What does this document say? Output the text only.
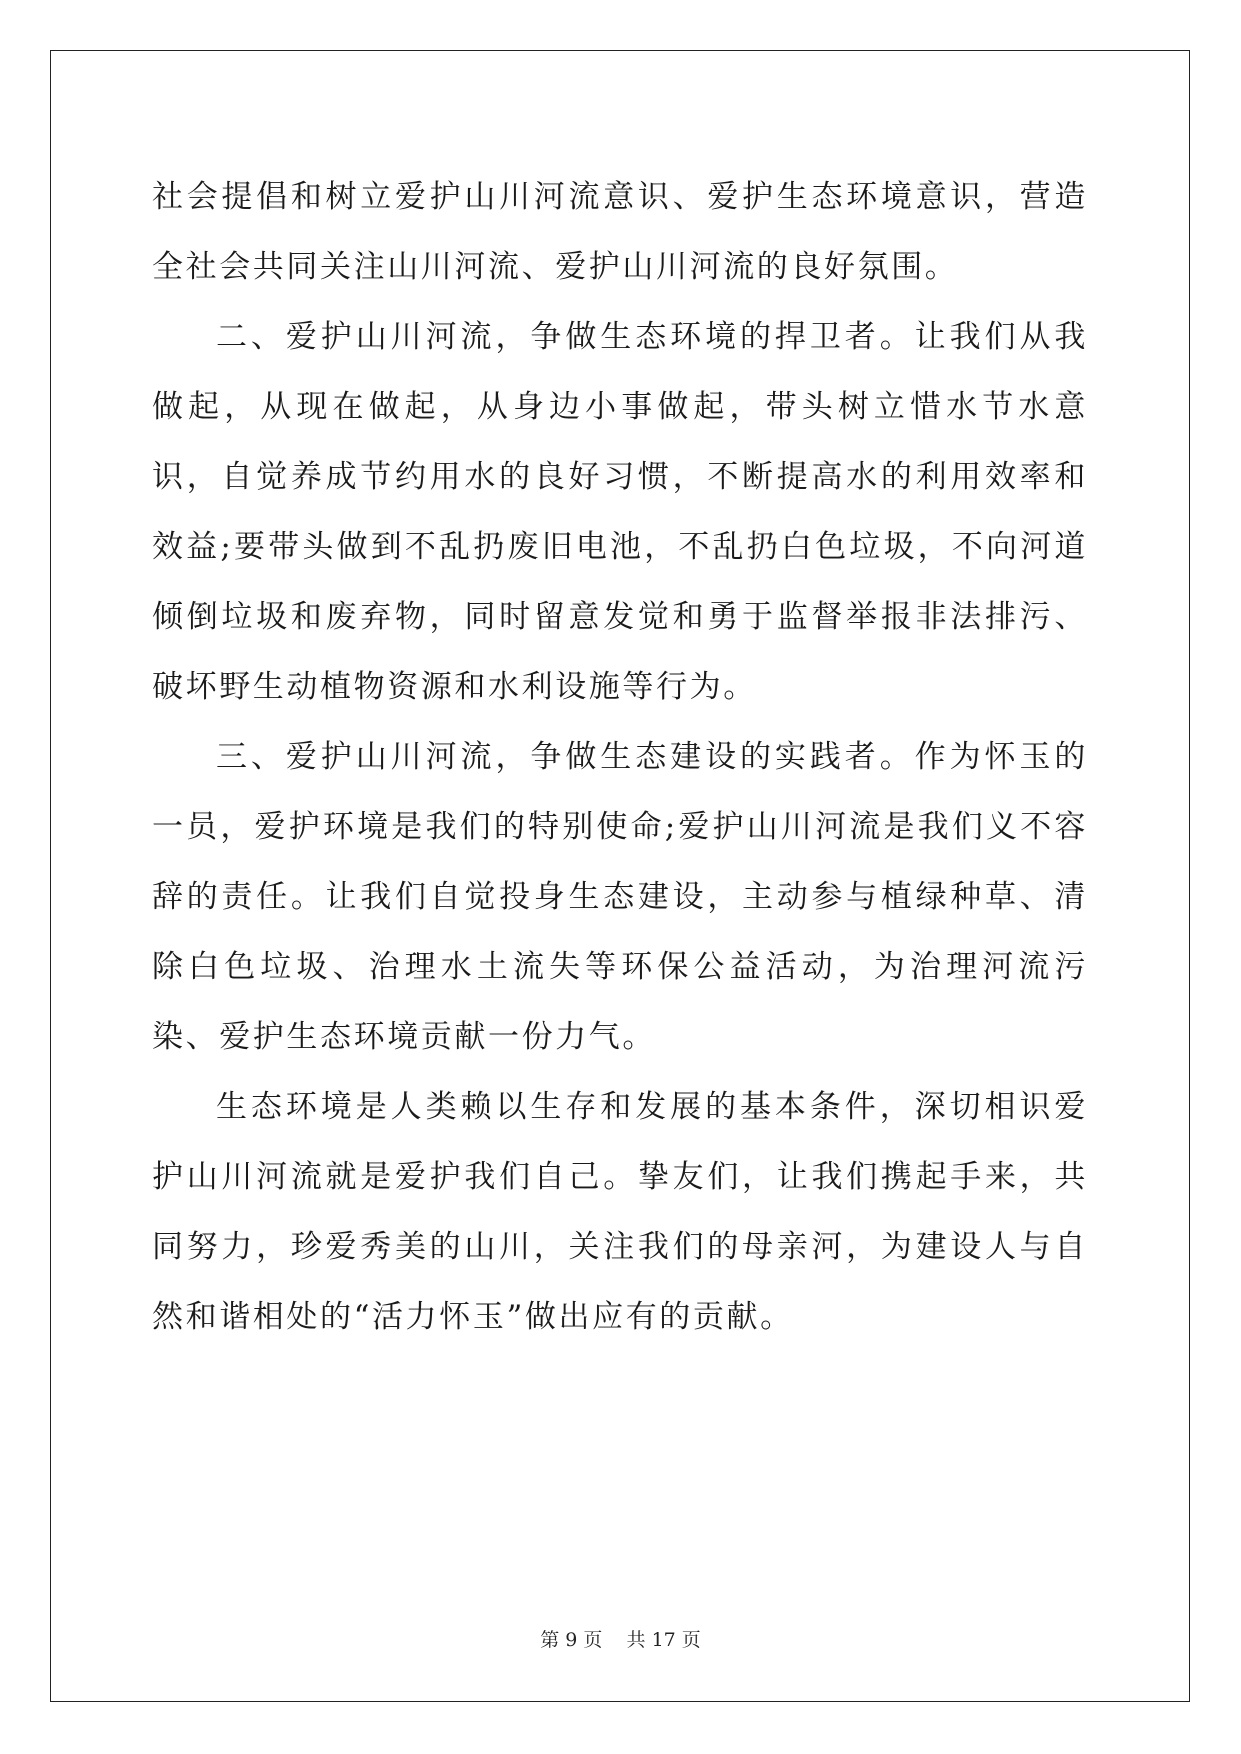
社会提倡和树立爱护山川河流意识、爱护生态环境意识，营造全社会共同关注山川河流、爱护山川河流的良好氛围。

二、爱护山川河流，争做生态环境的捍卫者。让我们从我做起，从现在做起，从身边小事做起，带头树立惜水节水意识，自觉养成节约用水的良好习惯，不断提高水的利用效率和效益;要带头做到不乱扔废旧电池，不乱扔白色垃圾，不向河道倾倒垃圾和废弃物，同时留意发觉和勇于监督举报非法排污、破坏野生动植物资源和水利设施等行为。

三、爱护山川河流，争做生态建设的实践者。作为怀玉的一员，爱护环境是我们的特别使命;爱护山川河流是我们义不容辞的责任。让我们自觉投身生态建设，主动参与植绿种草、清除白色垃圾、治理水土流失等环保公益活动，为治理河流污染、爱护生态环境贡献一份力气。

生态环境是人类赖以生存和发展的基本条件，深切相识爱护山川河流就是爱护我们自己。挚友们，让我们携起手来，共同努力，珍爱秀美的山川，关注我们的母亲河，为建设人与自然和谐相处的“活力怀玉”做出应有的贡献。

第 9 页    共 17 页
